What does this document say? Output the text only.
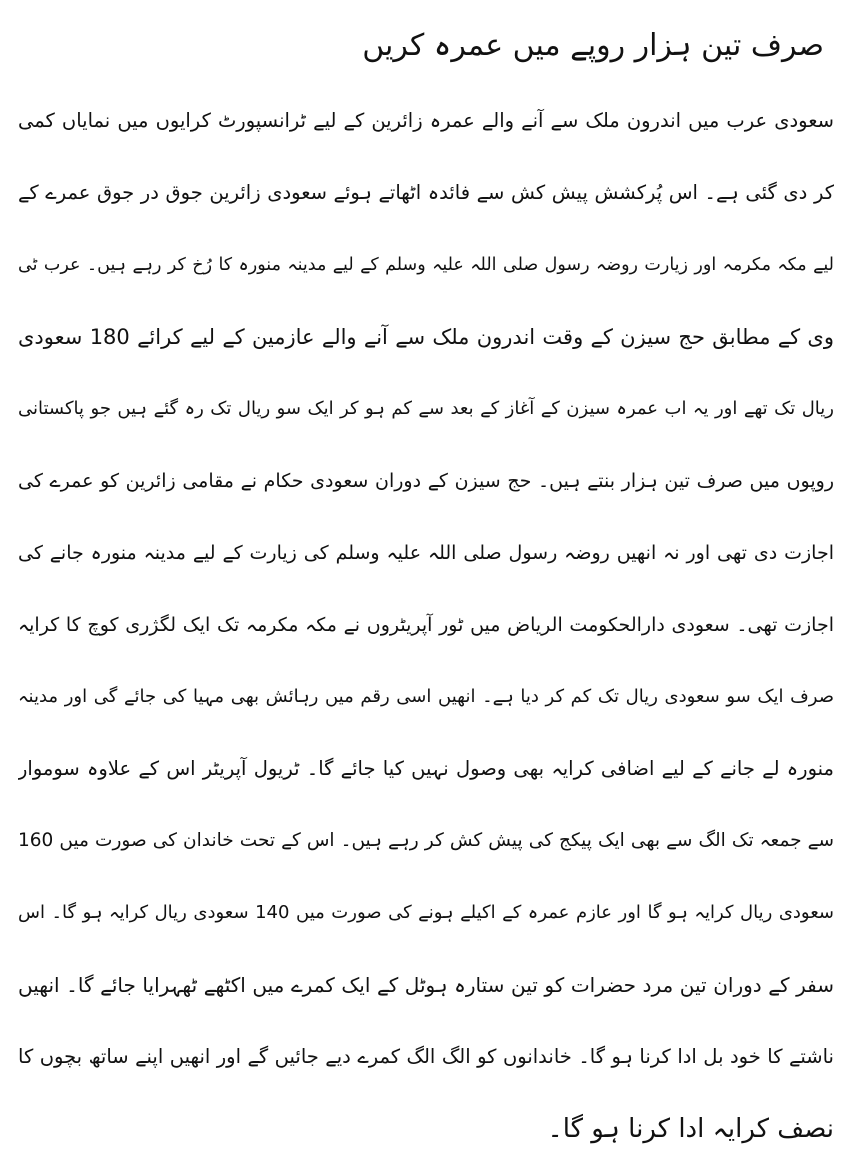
صرف تین ہزار روپے میں عمرہ کریں
سعودی عرب میں اندرون ملک سے آنے والے عمرہ زائرین کے لیے ٹرانسپورٹ کرایوں میں نمایاں کمی
کر دی گئی ہے۔ اس پُرکشش پیش کش سے فائدہ اٹھاتے ہوئے سعودی زائرین جوق در جوق عمرے کے
لیے مکہ مکرمہ اور زیارت روضہ رسول صلی اللہ علیہ وسلم کے لیے مدینہ منورہ کا رُخ کر رہے ہیں۔ عرب ٹی
وی کے مطابق حج سیزن کے وقت اندرون ملک سے آنے والے عازمین کے لیے کرائے 180 سعودی
ریال تک تھے اور یہ اب عمرہ سیزن کے آغاز کے بعد سے کم ہو کر ایک سو ریال تک رہ گئے ہیں جو پاکستانی
روپوں میں صرف تین ہزار بنتے ہیں۔ حج سیزن کے دوران سعودی حکام نے مقامی زائرین کو عمرے کی
اجازت دی تھی اور نہ انھیں روضہ رسول صلی اللہ علیہ وسلم کی زیارت کے لیے مدینہ منورہ جانے کی
اجازت تھی۔ سعودی دارالحکومت الریاض میں ٹور آپریٹروں نے مکہ مکرمہ تک ایک لگژری کوچ کا کرایہ
صرف ایک سو سعودی ریال تک کم کر دیا ہے۔ انھیں اسی رقم میں رہائش بھی مہیا کی جائے گی اور مدینہ
منورہ لے جانے کے لیے اضافی کرایہ بھی وصول نہیں کیا جائے گا۔ ٹریول آپریٹر اس کے علاوہ سوموار
سے جمعہ تک الگ سے بھی ایک پیکج کی پیش کش کر رہے ہیں۔ اس کے تحت خاندان کی صورت میں 160
سعودی ریال کرایہ ہو گا اور عازم عمرہ کے اکیلے ہونے کی صورت میں 140 سعودی ریال کرایہ ہو گا۔ اس
سفر کے دوران تین مرد حضرات کو تین ستارہ ہوٹل کے ایک کمرے میں اکٹھے ٹھہرایا جائے گا۔ انھیں
ناشتے کا خود بل ادا کرنا ہو گا۔ خاندانوں کو الگ الگ کمرے دیے جائیں گے اور انھیں اپنے ساتھ بچوں کا
نصف کرایہ ادا کرنا ہو گا۔
